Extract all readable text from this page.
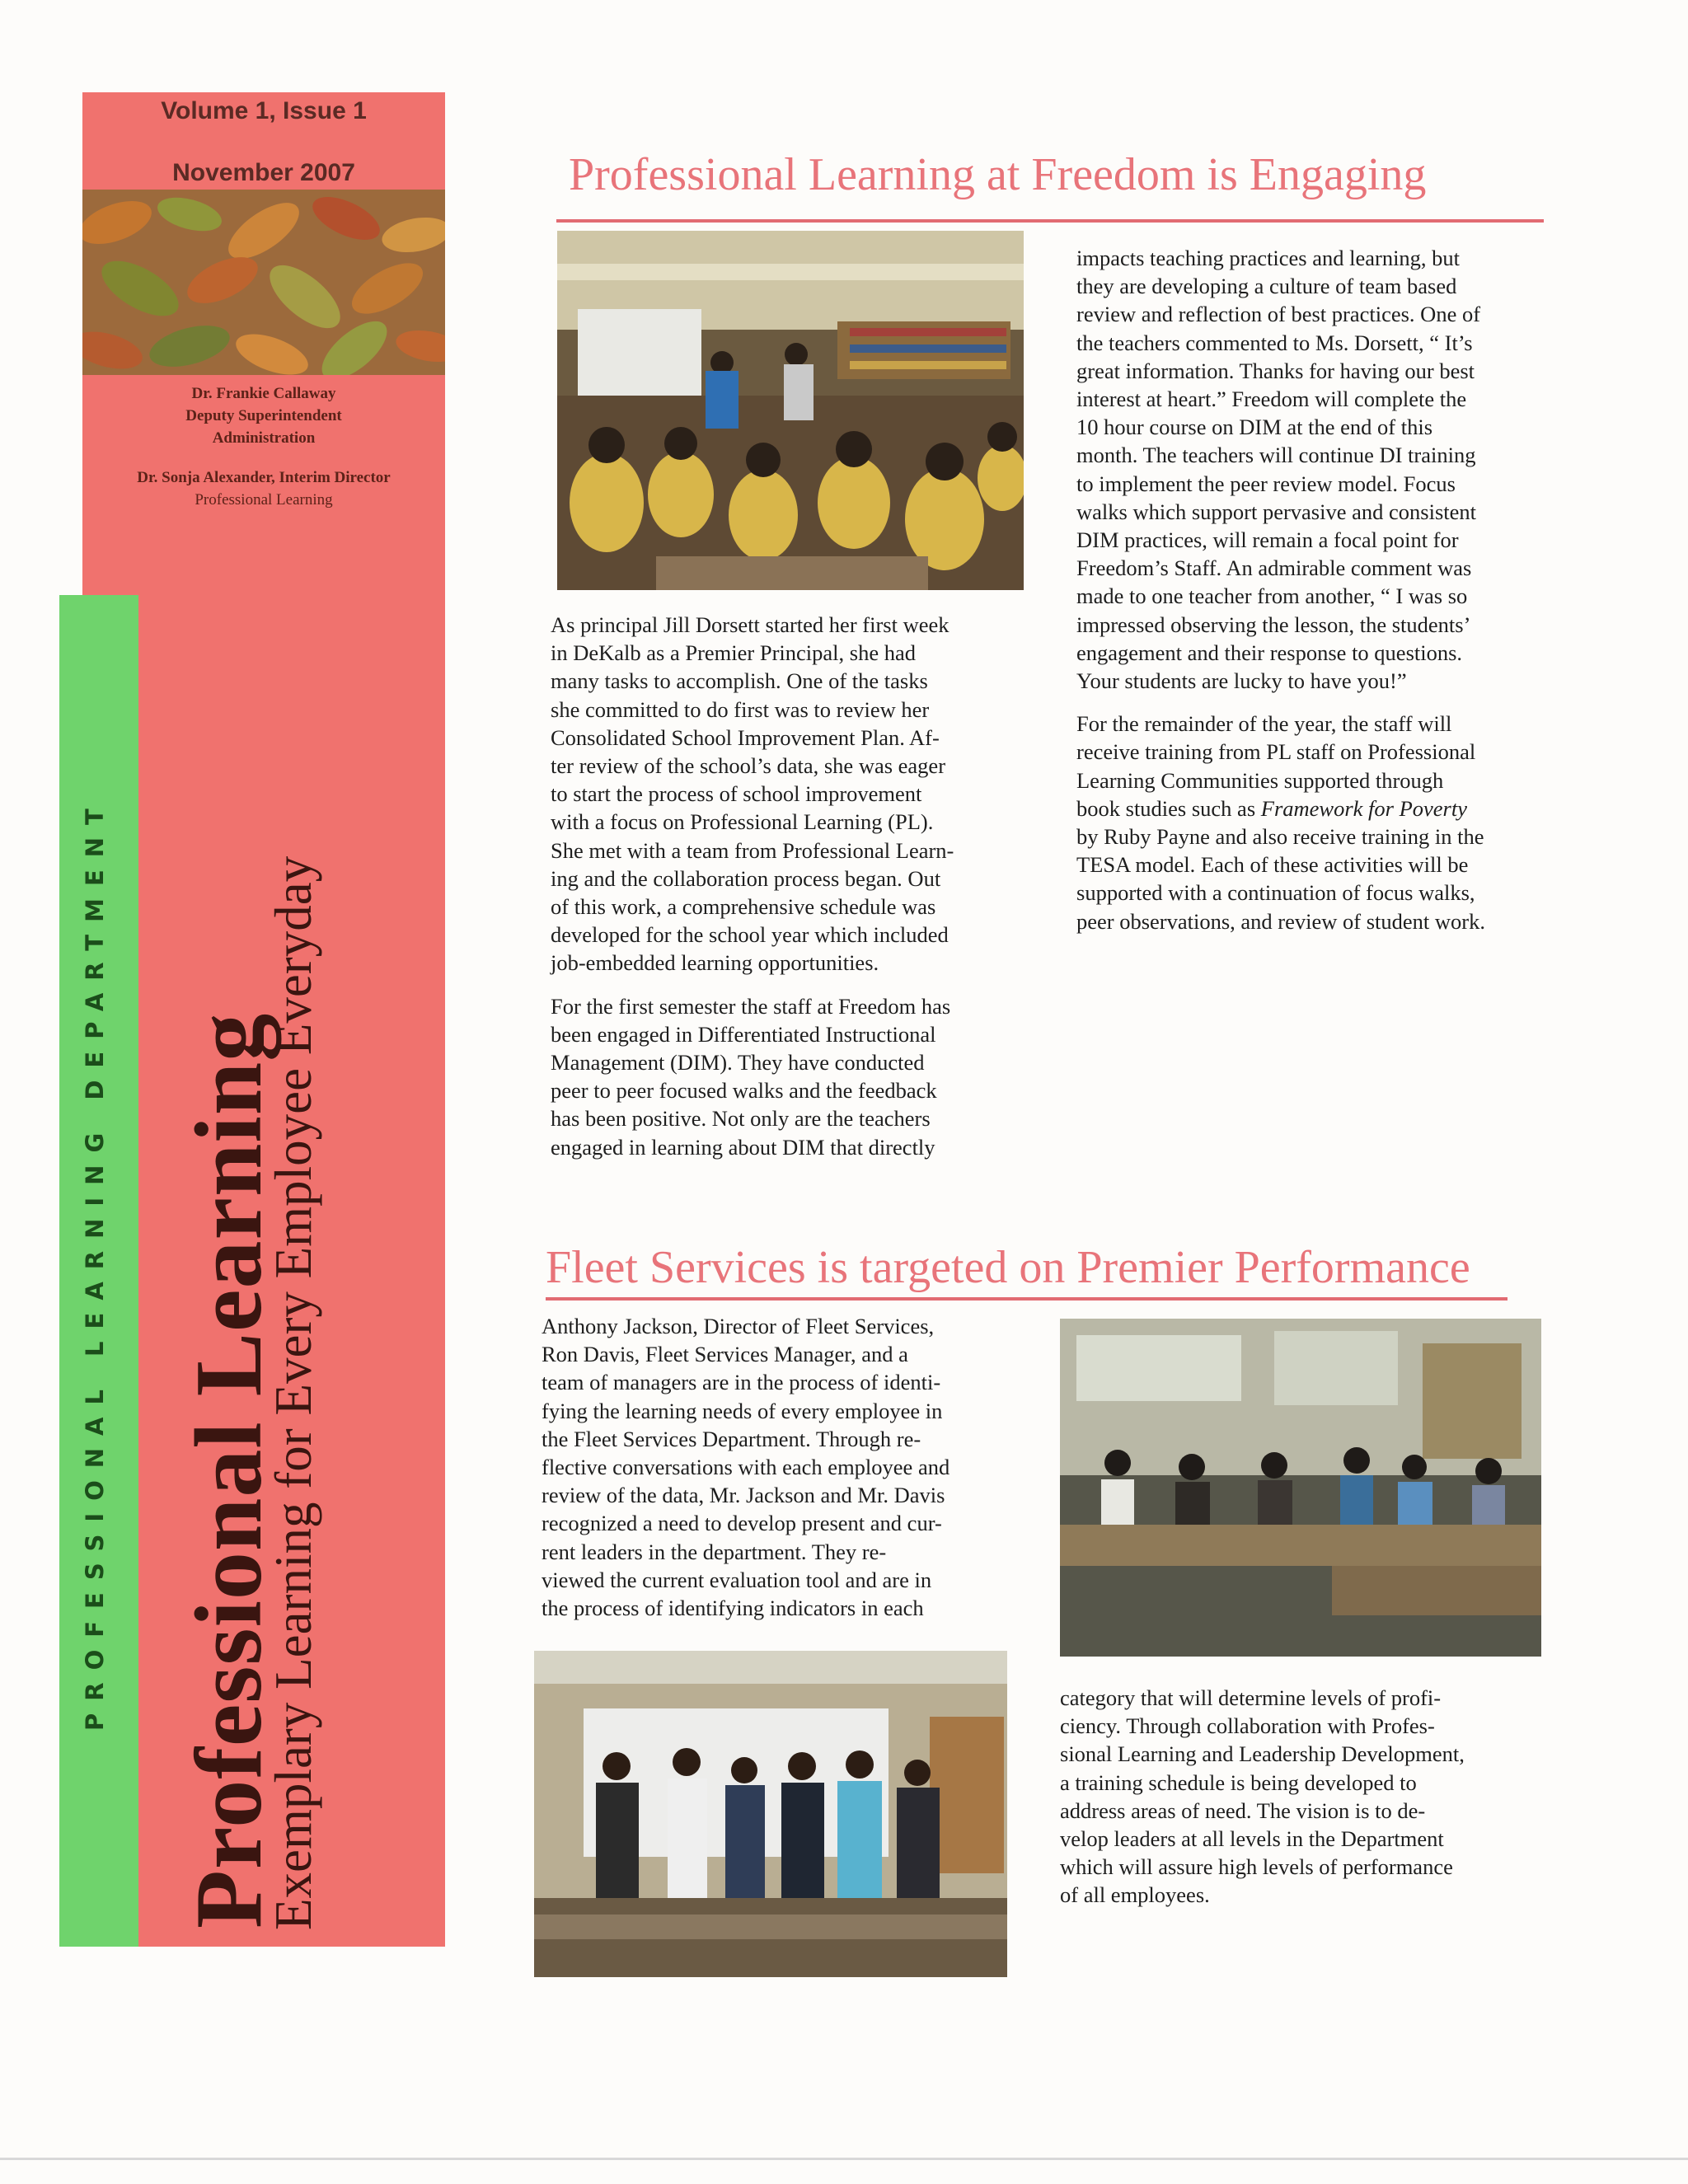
Volume 1, Issue 1
November 2007
Dr. Frankie Callaway
Deputy Superintendent
Administration
Dr. Sonja Alexander, Interim Director
Professional Learning
PROFESSIONAL LEARNING DEPARTMENT Professional Learning
Exemplary Learning for Every Employee Everyday
Professional Learning at Freedom is Engaging

As principal Jill Dorsett started her first week
in DeKalb as a Premier Principal, she had
many tasks to accomplish. One of the tasks
she committed to do first was to review her
Consolidated School Improvement Plan. Af-
ter review of the school’s data, she was eager
to start the process of school improvement
with a focus on Professional Learning (PL).
She met with a team from Professional Learn-
ing and the collaboration process began. Out
of this work, a comprehensive schedule was
developed for the school year which included
job-embedded learning opportunities.

For the first semester the staff at Freedom has
been engaged in Differentiated Instructional
Management (DIM). They have conducted
peer to peer focused walks and the feedback
has been positive. Not only are the teachers
engaged in learning about DIM that directly

impacts teaching practices and learning, but
they are developing a culture of team based
review and reflection of best practices. One of
the teachers commented to Ms. Dorsett, “ It’s
great information. Thanks for having our best
interest at heart.” Freedom will complete the
10 hour course on DIM at the end of this
month. The teachers will continue DI training
to implement the peer review model. Focus
walks which support pervasive and consistent
DIM practices, will remain a focal point for
Freedom’s Staff. An admirable comment was
made to one teacher from another, “ I was so
impressed observing the lesson, the students’
engagement and their response to questions.
Your students are lucky to have you!”

For the remainder of the year, the staff will
receive training from PL staff on Professional
Learning Communities supported through
book studies such as Framework for Poverty
by Ruby Payne and also receive training in the
TESA model. Each of these activities will be
supported with a continuation of focus walks,
peer observations, and review of student work.

Fleet Services is targeted on Premier Performance

Anthony Jackson, Director of Fleet Services,
Ron Davis, Fleet Services Manager, and a
team of managers are in the process of identi-
fying the learning needs of every employee in
the Fleet Services Department. Through re-
flective conversations with each employee and
review of the data, Mr. Jackson and Mr. Davis
recognized a need to develop present and cur-
rent leaders in the department. They re-
viewed the current evaluation tool and are in
the process of identifying indicators in each

category that will determine levels of profi-
ciency. Through collaboration with Profes-
sional Learning and Leadership Development,
a training schedule is being developed to
address areas of need. The vision is to de-
velop leaders at all levels in the Department
which will assure high levels of performance
of all employees.
